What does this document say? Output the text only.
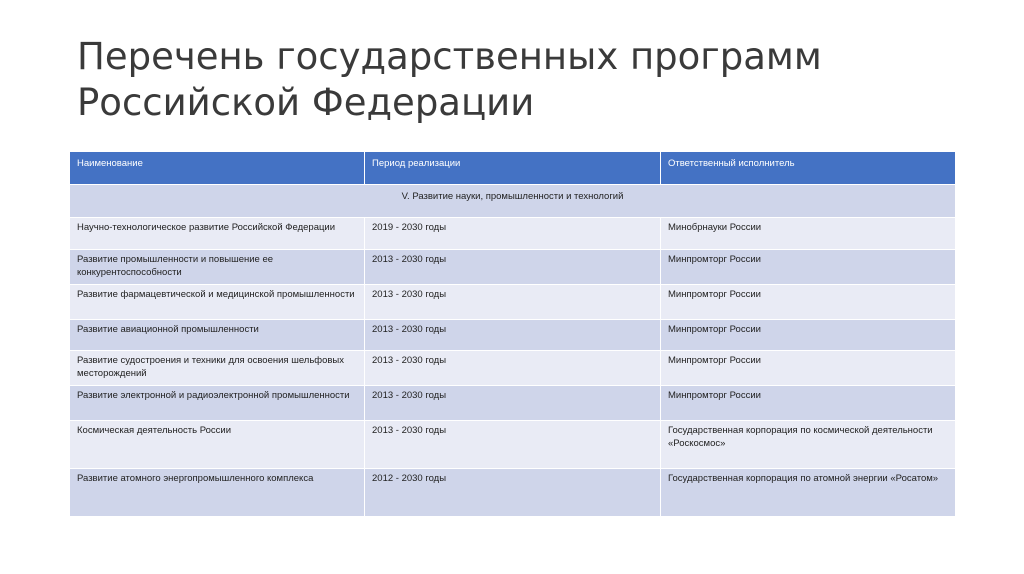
Перечень государственных программ
Российской Федерации
Наименование	Период реализации	Ответственный исполнитель
V. Развитие науки, промышленности и технологий		
Научно-технологическое развитие Российской Федерации	2019 - 2030 годы	Минобрнауки России
Развитие промышленности и повышение ее конкурентоспособности	2013 - 2030 годы	Минпромторг России
Развитие фармацевтической и медицинской промышленности	2013 - 2030 годы	Минпромторг России
Развитие авиационной промышленности	2013 - 2030 годы	Минпромторг России
Развитие судостроения и техники для освоения шельфовых месторождений	2013 - 2030 годы	Минпромторг России
Развитие электронной и радиоэлектронной промышленности	2013 - 2030 годы	Минпромторг России
Космическая деятельность России	2013 - 2030 годы	Государственная корпорация по космической деятельности «Роскосмос»
Развитие атомного энергопромышленного комплекса	2012 - 2030 годы	Государственная корпорация по атомной энергии «Росатом»
